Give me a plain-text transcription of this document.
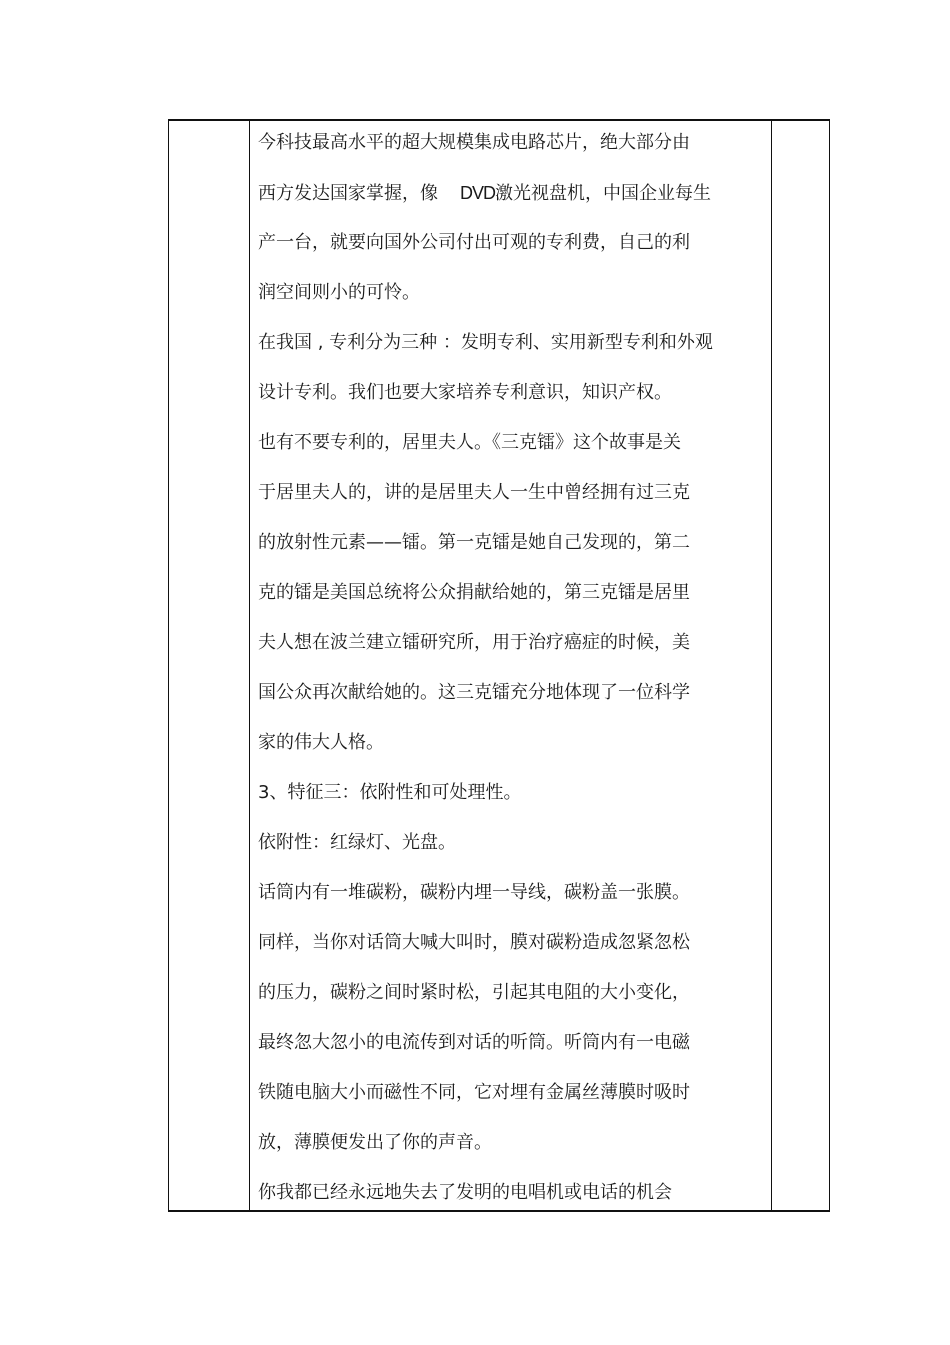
今科技最高水平的超大规模集成电路芯片，绝大部分由
西方发达国家掌握，像 DVD激光视盘机，中国企业每生
产一台，就要向国外公司付出可观的专利费，自己的利
润空间则小的可怜。
在我国 , 专利分为三种 ：发明专利、实用新型专利和外观
设计专利。我们也要大家培养专利意识，知识产权。
也有不要专利的，居里夫人。《三克镭》这个故事是关
于居里夫人的，讲的是居里夫人一生中曾经拥有过三克
的放射性元素——镭。第一克镭是她自己发现的，第二
克的镭是美国总统将公众捐献给她的，第三克镭是居里
夫人想在波兰建立镭研究所，用于治疗癌症的时候，美
国公众再次献给她的。这三克镭充分地体现了一位科学
家的伟大人格。
3、特征三：依附性和可处理性。
依附性：红绿灯、光盘。
话筒内有一堆碳粉，碳粉内埋一导线，碳粉盖一张膜。
同样，当你对话筒大喊大叫时，膜对碳粉造成忽紧忽松
的压力，碳粉之间时紧时松，引起其电阻的大小变化，
最终忽大忽小的电流传到对话的听筒。听筒内有一电磁
铁随电脑大小而磁性不同，它对埋有金属丝薄膜时吸时
放，薄膜便发出了你的声音。
你我都已经永远地失去了发明的电唱机或电话的机会
